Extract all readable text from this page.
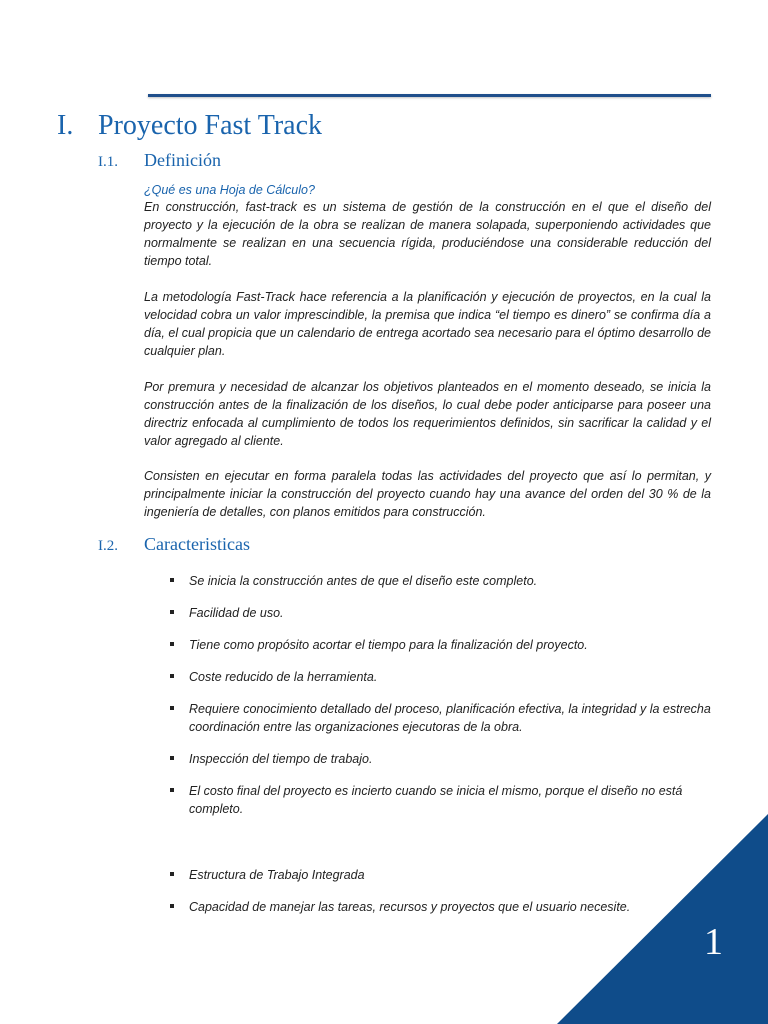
I. Proyecto Fast Track
I.1. Definición
¿Qué es una Hoja de Cálculo?

En construcción, fast-track es un sistema de gestión de la construcción en el que el diseño del proyecto y la ejecución de la obra se realizan de manera solapada, superponiendo actividades que normalmente se realizan en una secuencia rígida, produciéndose una considerable reducción del tiempo total.

La metodología Fast-Track hace referencia a la planificación y ejecución de proyectos, en la cual la velocidad cobra un valor imprescindible, la premisa que indica “el tiempo es dinero” se confirma día a día, el cual propicia que un calendario de entrega acortado sea necesario para el óptimo desarrollo de cualquier plan.

Por premura y necesidad de alcanzar los objetivos planteados en el momento deseado, se inicia la construcción antes de la finalización de los diseños, lo cual debe poder anticiparse para poseer una directriz enfocada al cumplimiento de todos los requerimientos definidos, sin sacrificar la calidad y el valor agregado al cliente.

Consisten en ejecutar en forma paralela todas las actividades del proyecto que así lo permitan, y principalmente iniciar la construcción del proyecto cuando hay una avance del orden del 30 % de la ingeniería de detalles, con planos emitidos para construcción.

I.2. Caracteristicas
Se inicia la construcción antes de que el diseño este completo.
Facilidad de uso.
Tiene como propósito acortar el tiempo para la finalización del proyecto.
Coste reducido de la herramienta.
Requiere conocimiento detallado del proceso, planificación efectiva, la integridad y la estrecha coordinación entre las organizaciones ejecutoras de la obra.
Inspección del tiempo de trabajo.
El costo final del proyecto es incierto cuando se inicia el mismo, porque el diseño no está completo.
Estructura de Trabajo Integrada
Capacidad de manejar las tareas, recursos y proyectos que el usuario necesite.
1
